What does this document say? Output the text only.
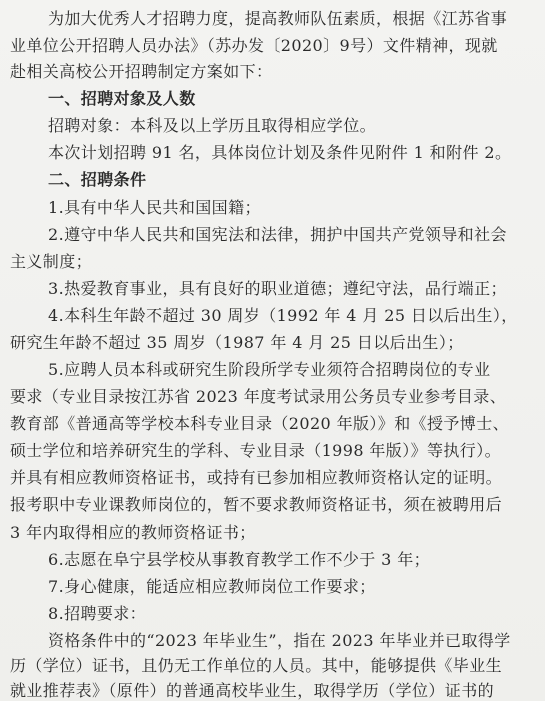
为加大优秀人才招聘力度，提高教师队伍素质，根据《江苏省事
业单位公开招聘人员办法》（苏办发〔2020〕9号）文件精神，现就
赴相关高校公开招聘制定方案如下：
一、招聘对象及人数
招聘对象：本科及以上学历且取得相应学位。
本次计划招聘 91 名，具体岗位计划及条件见附件 1 和附件 2。
二、招聘条件
1.具有中华人民共和国国籍；
2.遵守中华人民共和国宪法和法律，拥护中国共产党领导和社会
主义制度；
3.热爱教育事业，具有良好的职业道德；遵纪守法，品行端正；
4.本科生年龄不超过 30 周岁（1992 年 4 月 25 日以后出生），
研究生年龄不超过 35 周岁（1987 年 4 月 25 日以后出生）；
5.应聘人员本科或研究生阶段所学专业须符合招聘岗位的专业
要求（专业目录按江苏省 2023 年度考试录用公务员专业参考目录、
教育部《普通高等学校本科专业目录（2020 年版）》和《授予博士、
硕士学位和培养研究生的学科、专业目录（1998 年版）》等执行）。
并具有相应教师资格证书，或持有已参加相应教师资格认定的证明。
报考职中专业课教师岗位的，暂不要求教师资格证书，须在被聘用后
3 年内取得相应的教师资格证书；
6.志愿在阜宁县学校从事教育教学工作不少于 3 年；
7.身心健康，能适应相应教师岗位工作要求；
8.招聘要求：
资格条件中的“2023 年毕业生”，指在 2023 年毕业并已取得学
历（学位）证书，且仍无工作单位的人员。其中，能够提供《毕业生
就业推荐表》（原件）的普通高校毕业生，取得学历（学位）证书的
